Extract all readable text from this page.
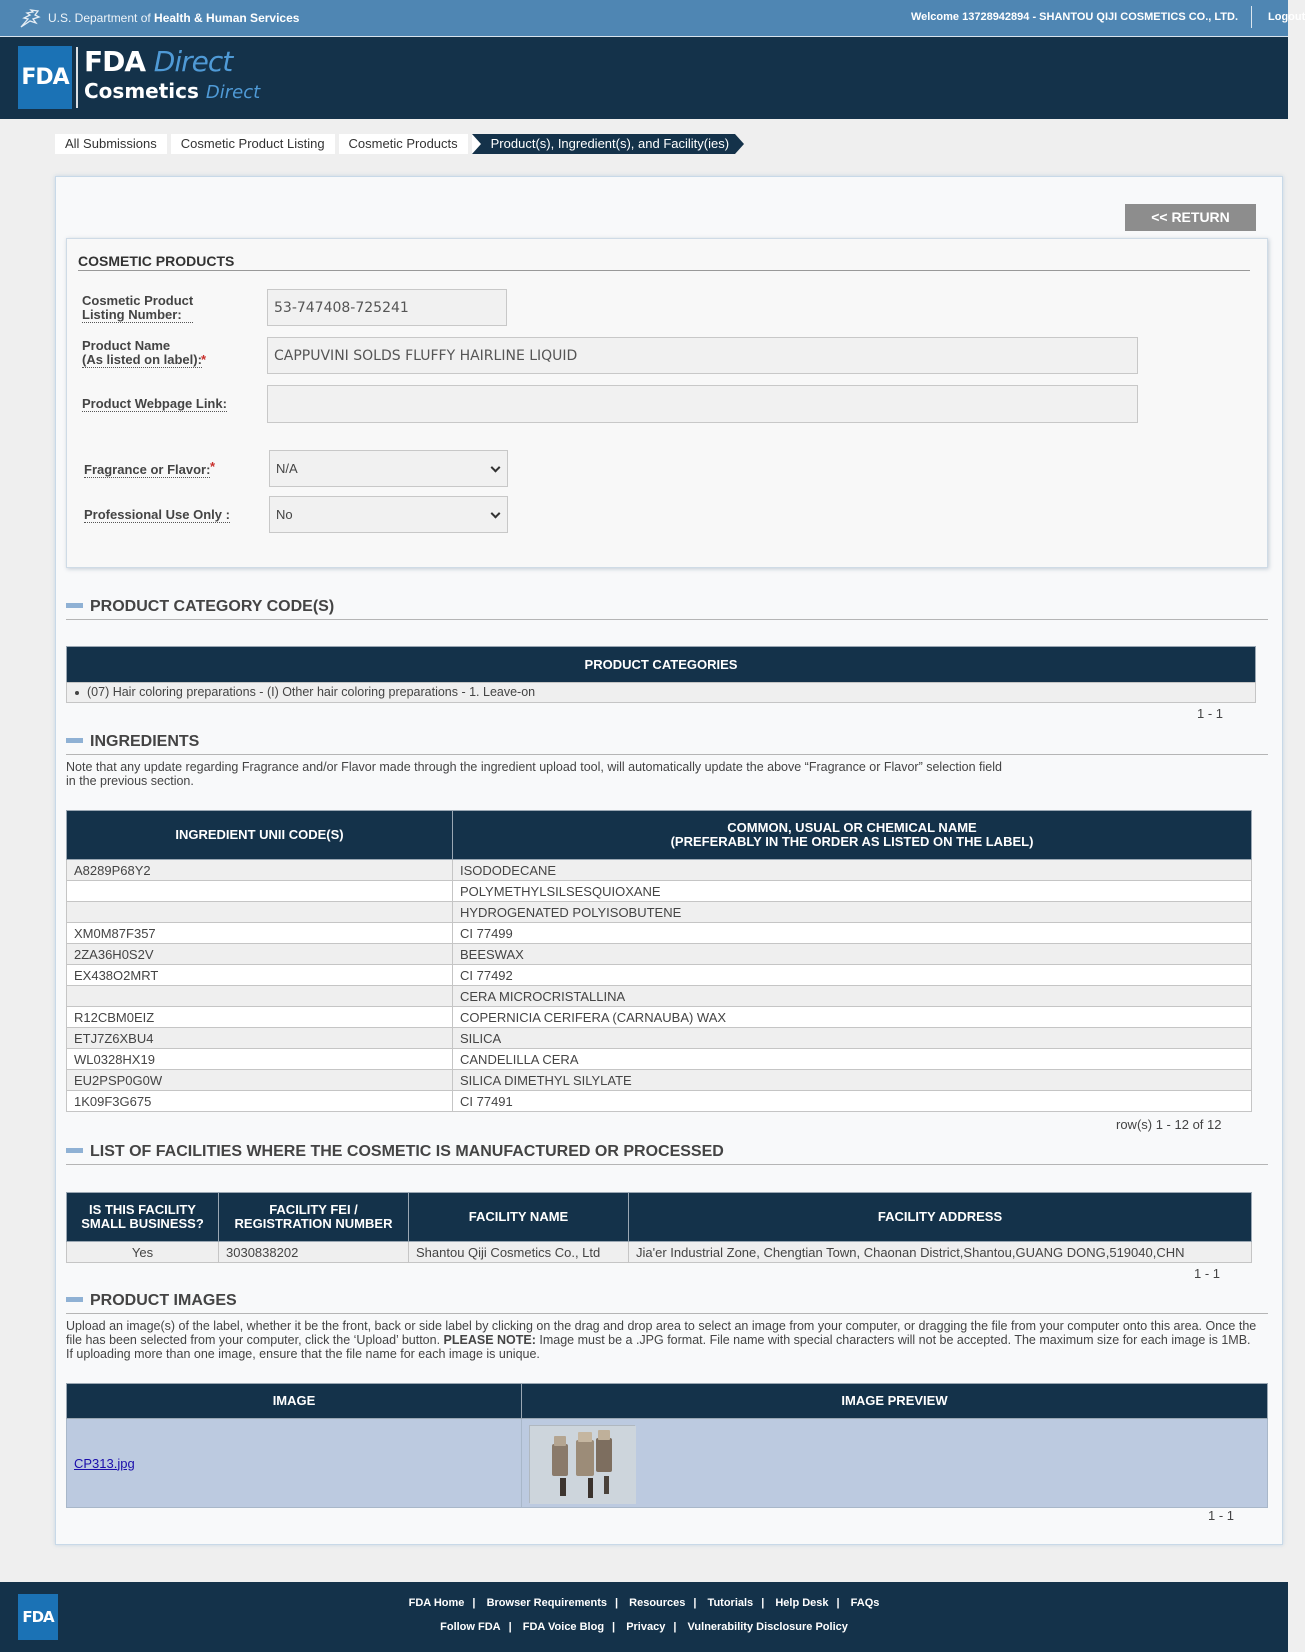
U.S. Department of Health & Human Services	Welcome 13728942894 - SHANTOU QIJI COSMETICS CO., LTD.	Logout
FDA FDA Direct
Cosmetics Direct
All Submissions	Cosmetic Product Listing	Cosmetic Products	Product(s), Ingredient(s), and Facility(ies)
<< RETURN
COSMETIC PRODUCTS
Cosmetic Product
Listing Number:	53-747408-725241
Product Name
(As listed on label): *	CAPPUVINI SOLDS FLUFFY HAIRLINE LIQUID
Product Webpage Link:
Fragrance or Flavor: *	N/A
Professional Use Only :	No
PRODUCT CATEGORY CODE(S)
PRODUCT CATEGORIES
(07) Hair coloring preparations - (I) Other hair coloring preparations - 1. Leave-on
1 - 1
INGREDIENTS
Note that any update regarding Fragrance and/or Flavor made through the ingredient upload tool, will automatically update the above “Fragrance or Flavor” selection field
in the previous section.
INGREDIENT UNII CODE(S)	COMMON, USUAL OR CHEMICAL NAME
(PREFERABLY IN THE ORDER AS LISTED ON THE LABEL)
A8289P68Y2	ISODODECANE
	POLYMETHYLSILSESQUIOXANE
	HYDROGENATED POLYISOBUTENE
XM0M87F357	CI 77499
2ZA36H0S2V	BEESWAX
EX438O2MRT	CI 77492
	CERA MICROCRISTALLINA
R12CBM0EIZ	COPERNICIA CERIFERA (CARNAUBA) WAX
ETJ7Z6XBU4	SILICA
WL0328HX19	CANDELILLA CERA
EU2PSP0G0W	SILICA DIMETHYL SILYLATE
1K09F3G675	CI 77491
row(s) 1 - 12 of 12
LIST OF FACILITIES WHERE THE COSMETIC IS MANUFACTURED OR PROCESSED
IS THIS FACILITY
SMALL BUSINESS?	FACILITY FEI /
REGISTRATION NUMBER	FACILITY NAME	FACILITY ADDRESS
Yes	3030838202	Shantou Qiji Cosmetics Co., Ltd	Jia'er Industrial Zone, Chengtian Town, Chaonan District,Shantou,GUANG DONG,519040,CHN
1 - 1
PRODUCT IMAGES
Upload an image(s) of the label, whether it be the front, back or side label by clicking on the drag and drop area to select an image from your computer, or dragging the file from your computer onto this area. Once the
file has been selected from your computer, click the ‘Upload’ button. PLEASE NOTE: Image must be a .JPG format. File name with special characters will not be accepted. The maximum size for each image is 1MB.
If uploading more than one image, ensure that the file name for each image is unique.
IMAGE	IMAGE PREVIEW
CP313.jpg	
1 - 1
FDA
FDA Home | Browser Requirements | Resources | Tutorials | Help Desk | FAQs
Follow FDA | FDA Voice Blog | Privacy | Vulnerability Disclosure Policy
